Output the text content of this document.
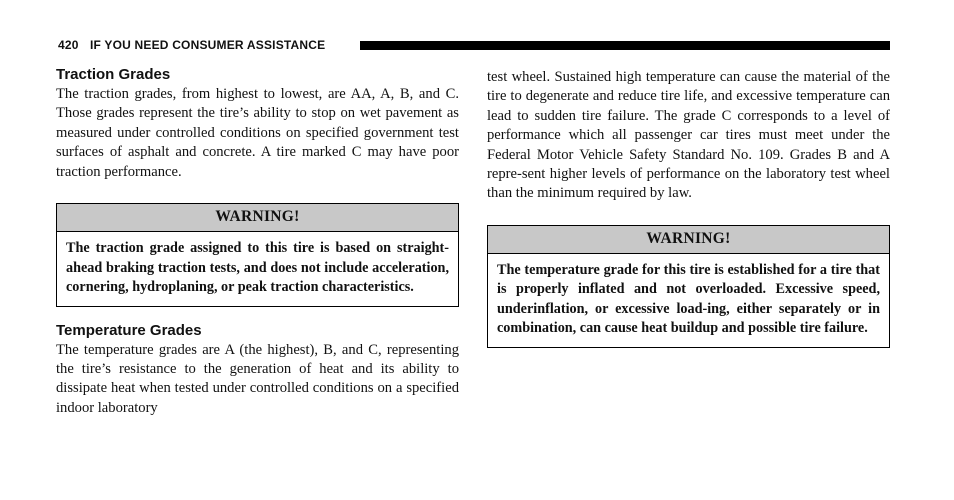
420 IF YOU NEED CONSUMER ASSISTANCE
Traction Grades

The traction grades, from highest to lowest, are AA, A, B, and C. Those grades represent the tire’s ability to stop on wet pavement as measured under controlled conditions on specified government test surfaces of asphalt and concrete. A tire marked C may have poor traction performance.

WARNING!
The traction grade assigned to this tire is based on straight-ahead braking traction tests, and does not include acceleration, cornering, hydroplaning, or peak traction characteristics.
Temperature Grades

The temperature grades are A (the highest), B, and C, representing the tire’s resistance to the generation of heat and its ability to dissipate heat when tested under controlled conditions on a specified indoor laboratory

test wheel. Sustained high temperature can cause the material of the tire to degenerate and reduce tire life, and excessive temperature can lead to sudden tire failure. The grade C corresponds to a level of performance which all passenger car tires must meet under the Federal Motor Vehicle Safety Standard No. 109. Grades B and A repre-sent higher levels of performance on the laboratory test wheel than the minimum required by law.

WARNING!
The temperature grade for this tire is established for a tire that is properly inflated and not overloaded. Excessive speed, underinflation, or excessive load-ing, either separately or in combination, can cause heat buildup and possible tire failure.
